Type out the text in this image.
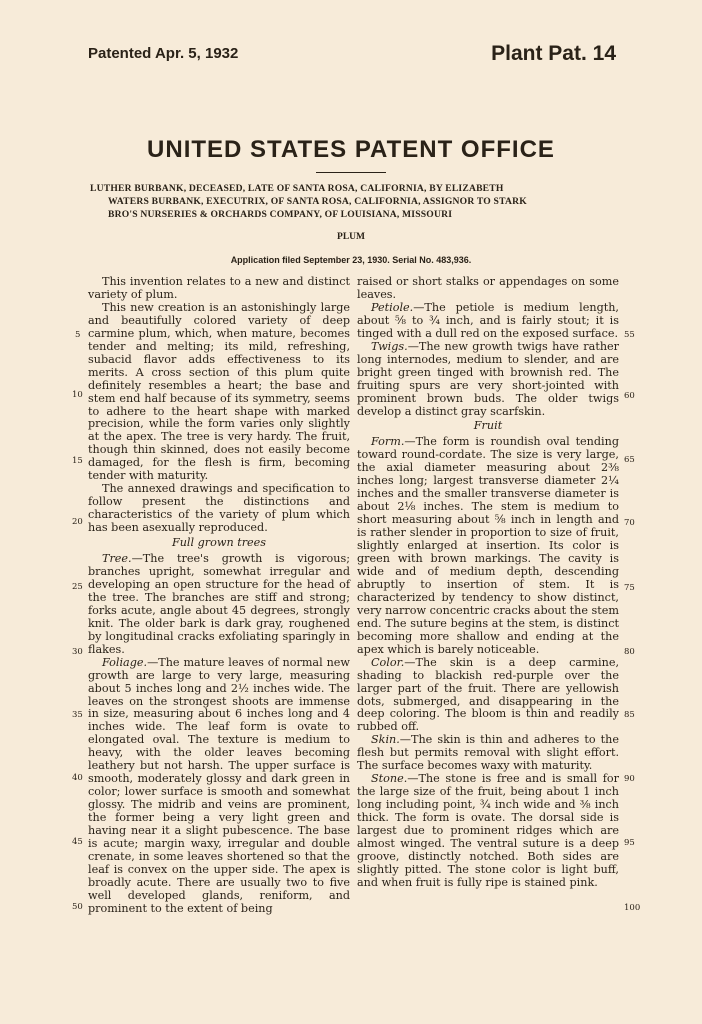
Patented Apr. 5, 1932	Plant Pat. 14
UNITED STATES PATENT OFFICE
LUTHER BURBANK, DECEASED, LATE OF SANTA ROSA, CALIFORNIA, BY ELIZABETH
WATERS BURBANK, EXECUTRIX, OF SANTA ROSA, CALIFORNIA, ASSIGNOR TO STARK
BRO'S NURSERIES & ORCHARDS COMPANY, OF LOUISIANA, MISSOURI
PLUM
Application filed September 23, 1930. Serial No. 483,936.

This invention relates to a new and distinct variety of plum.

This new creation is an astonishingly large and beautifully colored variety of deep carmine plum, which, when mature, becomes tender and melting; its mild, refreshing, subacid flavor adds effectiveness to its merits. A cross section of this plum quite definitely resembles a heart; the base and stem end half because of its symmetry, seems to adhere to the heart shape with marked precision, while the form varies only slightly at the apex. The tree is very hardy. The fruit, though thin skinned, does not easily become damaged, for the flesh is firm, becoming tender with maturity.

The annexed drawings and specification to follow present the distinctions and characteristics of the variety of plum which has been asexually reproduced.

Full grown trees

Tree.—The tree's growth is vigorous; branches upright, somewhat irregular and developing an open structure for the head of the tree. The branches are stiff and strong; forks acute, angle about 45 degrees, strongly knit. The older bark is dark gray, roughened by longitudinal cracks exfoliating sparingly in flakes.

Foliage.—The mature leaves of normal new growth are large to very large, measuring about 5 inches long and 2½ inches wide. The leaves on the strongest shoots are immense in size, measuring about 6 inches long and 4 inches wide. The leaf form is ovate to elongated oval. The texture is medium to heavy, with the older leaves becoming leathery but not harsh. The upper surface is smooth, moderately glossy and dark green in color; lower surface is smooth and somewhat glossy. The midrib and veins are prominent, the former being a very light green and having near it a slight pubescence. The base is acute; margin waxy, irregular and double crenate, in some leaves shortened so that the leaf is convex on the upper side. The apex is broadly acute. There are usually two to five well developed glands, reniform, and prominent to the extent of being

raised or short stalks or appendages on some leaves.

Petiole.—The petiole is medium length, about ⅝ to ¾ inch, and is fairly stout; it is tinged with a dull red on the exposed surface.

Twigs.—The new growth twigs have rather long internodes, medium to slender, and are bright green tinged with brownish red. The fruiting spurs are very short-jointed with prominent brown buds. The older twigs develop a distinct gray scarfskin.

Fruit

Form.—The form is roundish oval tending toward round-cordate. The size is very large, the axial diameter measuring about 2⅜ inches long; largest transverse diameter 2¼ inches and the smaller transverse diameter is about 2⅛ inches. The stem is medium to short measuring about ⅝ inch in length and is rather slender in proportion to size of fruit, slightly enlarged at insertion. Its color is green with brown markings. The cavity is wide and of medium depth, descending abruptly to insertion of stem. It is characterized by tendency to show distinct, very narrow concentric cracks about the stem end. The suture begins at the stem, is distinct becoming more shallow and ending at the apex which is barely noticeable.

Color.—The skin is a deep carmine, shading to blackish red-purple over the larger part of the fruit. There are yellowish dots, submerged, and disappearing in the deep coloring. The bloom is thin and readily rubbed off.

Skin.—The skin is thin and adheres to the flesh but permits removal with slight effort. The surface becomes waxy with maturity.

Stone.—The stone is free and is small for the large size of the fruit, being about 1 inch long including point, ¾ inch wide and ⅜ inch thick. The form is ovate. The dorsal side is largest due to prominent ridges which are almost winged. The ventral suture is a deep groove, distinctly notched. Both sides are slightly pitted. The stone color is light buff, and when fruit is fully ripe is stained pink.

5
10
15
20
25
30
35
40
45
50
55
60
65
70
75
80
85
90
95
100
